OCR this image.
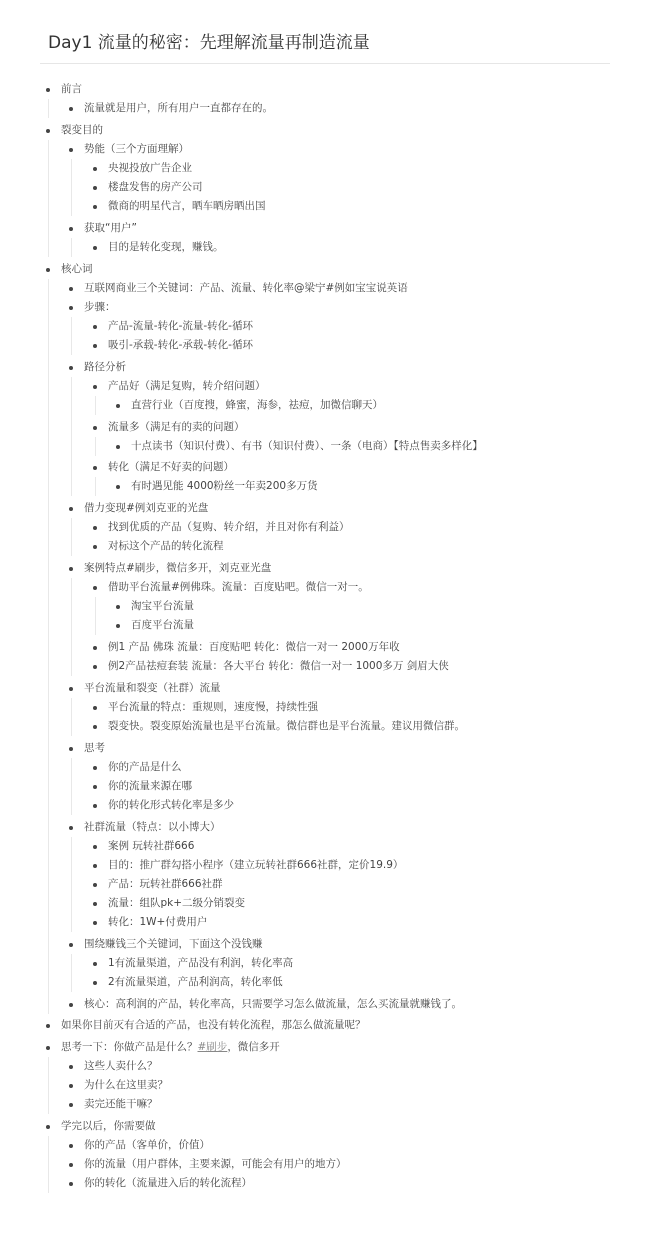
Day1 流量的秘密：先理解流量再制造流量
前言
流量就是用户，所有用户一直都存在的。
裂变目的
势能（三个方面理解）
央视投放广告企业
楼盘发售的房产公司
微商的明星代言，晒车晒房晒出国
获取“用户”
目的是转化变现，赚钱。
核心词
互联网商业三个关键词：产品、流量、转化率@梁宁#例如宝宝说英语
步骤：
产品-流量-转化-流量-转化-循环
吸引-承载-转化-承载-转化-循环
路径分析
产品好（满足复购，转介绍问题）
直营行业（百度搜，蜂蜜，海参，祛痘，加微信聊天）
流量多（满足有的卖的问题）
十点读书（知识付费）、有书（知识付费）、一条（电商）【特点售卖多样化】
转化（满足不好卖的问题）
有时遇见能 4000粉丝一年卖200多万货
借力变现#例刘克亚的光盘
找到优质的产品（复购、转介绍，并且对你有利益）
对标这个产品的转化流程
案例特点#刷步，微信多开，刘克亚光盘
借助平台流量#例佛珠。流量：百度贴吧。微信一对一。
淘宝平台流量
百度平台流量
例1 产品 佛珠 流量：百度贴吧 转化：微信一对一 2000万年收
例2产品祛痘套装 流量：各大平台 转化：微信一对一 1000多万 剑眉大侠
平台流量和裂变（社群）流量
平台流量的特点：重规则，速度慢，持续性强
裂变快。裂变原始流量也是平台流量。微信群也是平台流量。建议用微信群。
思考
你的产品是什么
你的流量来源在哪
你的转化形式转化率是多少
社群流量（特点：以小博大）
案例 玩转社群666
目的：推广群勾搭小程序（建立玩转社群666社群，定价19.9）
产品：玩转社群666社群
流量：组队pk+二级分销裂变
转化：1W+付费用户
围绕赚钱三个关键词，下面这个没钱赚
1有流量渠道，产品没有利润，转化率高
2有流量渠道，产品利润高，转化率低
核心：高利润的产品，转化率高，只需要学习怎么做流量，怎么买流量就赚钱了。
如果你目前灭有合适的产品，也没有转化流程，那怎么做流量呢？
思考一下：你做产品是什么？#刷步，微信多开
这些人卖什么？
为什么在这里卖？
卖完还能干嘛？
学完以后，你需要做
你的产品（客单价，价值）
你的流量（用户群体，主要来源，可能会有用户的地方）
你的转化（流量进入后的转化流程）
